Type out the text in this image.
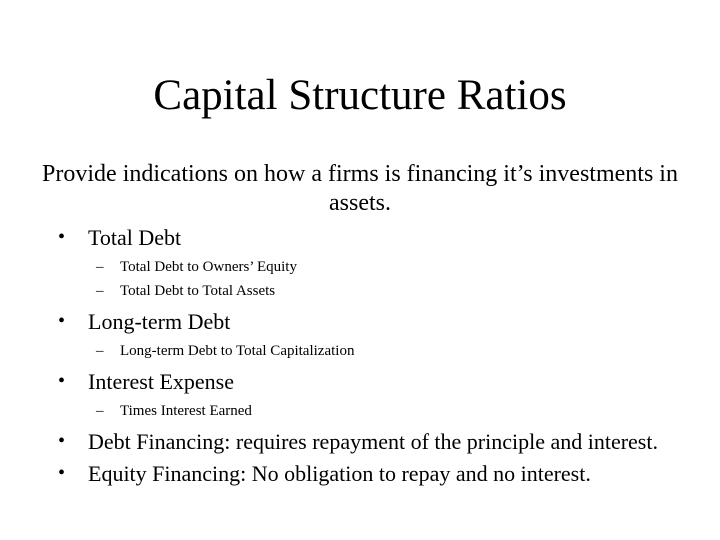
Capital Structure Ratios
Provide indications on how a firms is financing it’s investments in assets.
•	Total Debt
– Total Debt to Owners’ Equity
– Total Debt to Total Assets
•	Long-term Debt
– Long-term Debt to Total Capitalization
•	Interest Expense
– Times Interest Earned
•	Debt Financing: requires repayment of the principle and interest.
•	Equity Financing: No obligation to repay and no interest.
